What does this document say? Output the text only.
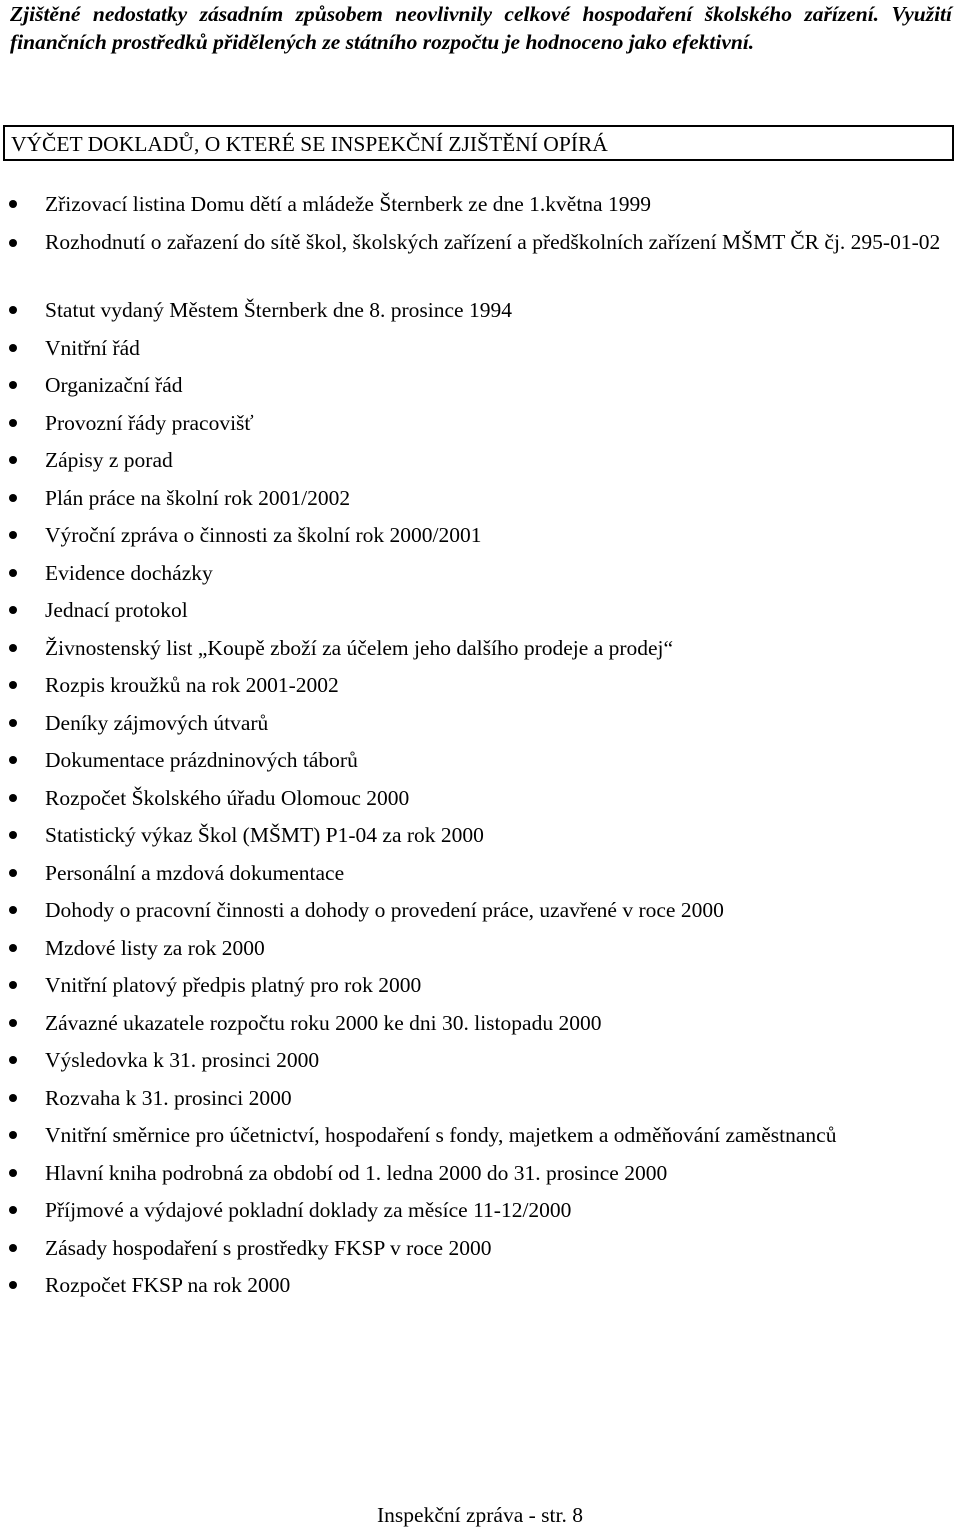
Zjištěné nedostatky zásadním způsobem neovlivnily celkové hospodaření školského zařízení. Využití finančních prostředků přidělených ze státního rozpočtu je hodnoceno jako efektivní.

VÝČET DOKLADŮ, O KTERÉ SE INSPEKČNÍ ZJIŠTĚNÍ OPÍRÁ
Zřizovací listina Domu dětí a mládeže Šternberk ze dne 1.května 1999
Rozhodnutí o zařazení do sítě škol, školských zařízení a předškolních zařízení MŠMT ČR čj. 295-01-02
Statut vydaný Městem Šternberk dne 8. prosince 1994
Vnitřní řád
Organizační řád
Provozní řády pracovišť
Zápisy z porad
Plán práce na školní rok 2001/2002
Výroční zpráva o činnosti za školní rok 2000/2001
Evidence docházky
Jednací protokol
Živnostenský list „Koupě zboží za účelem jeho dalšího prodeje a prodej“
Rozpis kroužků na rok 2001-2002
Deníky zájmových útvarů
Dokumentace prázdninových táborů
Rozpočet Školského úřadu Olomouc 2000
Statistický výkaz Škol (MŠMT) P1-04 za rok 2000
Personální a mzdová dokumentace
Dohody o pracovní činnosti a dohody o provedení práce, uzavřené v roce 2000
Mzdové listy za rok 2000
Vnitřní platový předpis platný pro rok 2000
Závazné ukazatele rozpočtu roku 2000 ke dni 30. listopadu 2000
Výsledovka k 31. prosinci 2000
Rozvaha k 31. prosinci 2000
Vnitřní směrnice pro účetnictví, hospodaření s fondy, majetkem a odměňování zaměstnanců
Hlavní kniha podrobná za období od 1. ledna 2000 do 31. prosince 2000
Příjmové a výdajové pokladní doklady za měsíce 11-12/2000
Zásady hospodaření s prostředky FKSP v roce 2000
Rozpočet FKSP na rok 2000
Inspekční zpráva - str. 8
